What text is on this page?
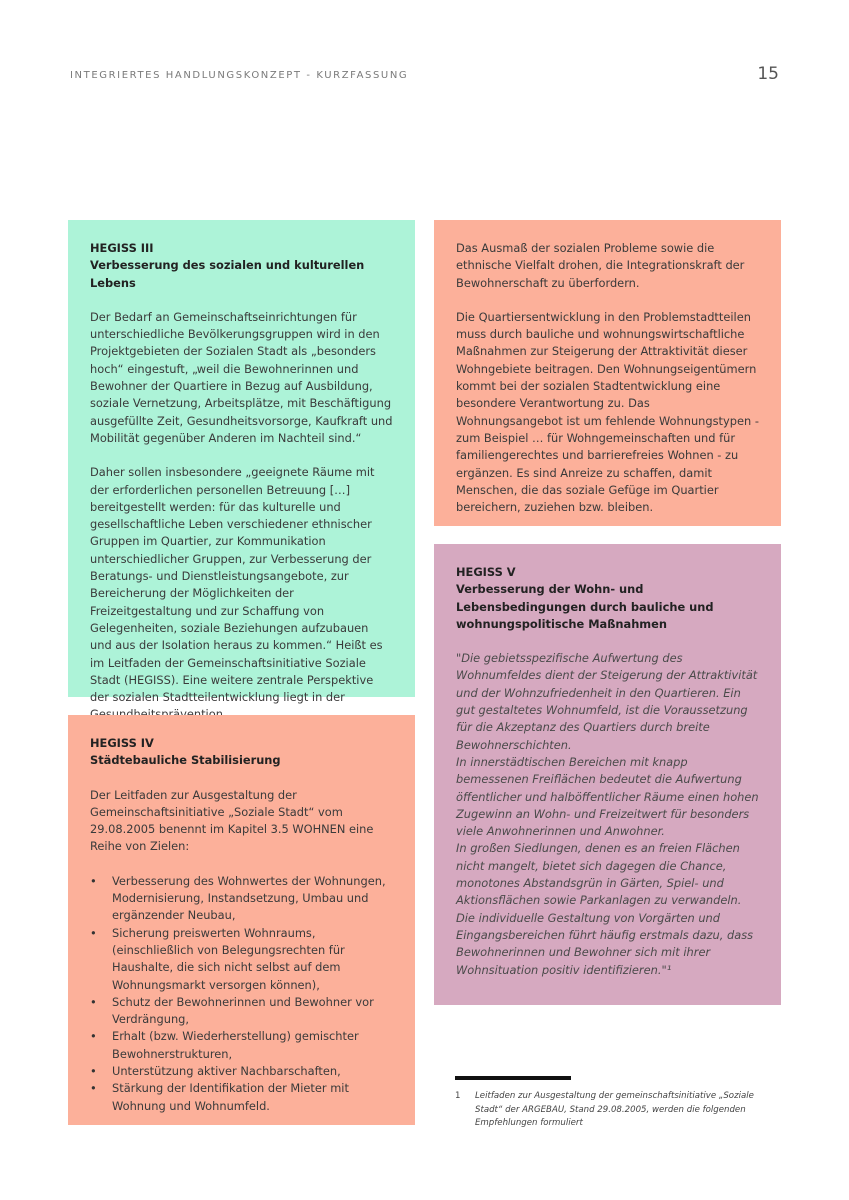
INTEGRIERTES HANDLUNGSKONZEPT - KURZFASSUNG	15

HEGISS III

Verbesserung des sozialen und kulturellen Lebens

Der Bedarf an Gemeinschaftseinrichtungen für unterschiedliche Bevölkerungsgruppen wird in den Projektgebieten der Sozialen Stadt als „besonders hoch“ eingestuft, „weil die Bewohnerinnen und Bewohner der Quartiere in Bezug auf Ausbildung, soziale Vernetzung, Arbeitsplätze, mit Beschäftigung ausgefüllte Zeit, Gesundheitsvorsorge, Kaufkraft und Mobilität gegenüber Anderen im Nachteil sind.“

Daher sollen insbesondere „geeignete Räume mit der erforderlichen personellen Betreuung […] bereitgestellt werden: für das kulturelle und gesellschaftliche Leben verschiedener ethnischer Gruppen im Quartier, zur Kommunikation unterschiedlicher Gruppen, zur Verbesserung der Beratungs- und Dienstleistungsangebote, zur Bereicherung der Möglichkeiten der Freizeitgestaltung und zur Schaffung von Gelegenheiten, soziale Beziehungen aufzubauen und aus der Isolation heraus zu kommen.“ Heißt es im Leitfaden der Gemeinschaftsinitiative Soziale Stadt (HEGISS). Eine weitere zentrale Perspektive der sozialen Stadtteilentwicklung liegt in der

HEGISS IV

Städtebauliche Stabilisierung

Der Leitfaden zur Ausgestaltung der Gemeinschaftsinitiative „Soziale Stadt“ vom 29.08.2005 benennt im Kapitel 3.5 WOHNEN eine Reihe von Zielen:

• Verbesserung des Wohnwertes der Wohnungen, Modernisierung, Instandsetzung, Umbau und ergänzender Neubau,
• Sicherung preiswerten Wohnraums, (einschließlich von Belegungsrechten für Haushalte, die sich nicht selbst auf dem Wohnungsmarkt versorgen können),
• Schutz der Bewohnerinnen und Bewohner vor Verdrängung,
• Erhalt (bzw. Wiederherstellung) gemischter Bewohnerstrukturen,
• Unterstützung aktiver Nachbarschaften,
• Stärkung der Identifikation der Mieter mit Wohnung und Wohnumfeld.

Das Ausmaß der sozialen Probleme sowie die ethnische Vielfalt drohen, die Integrationskraft der Bewohnerschaft zu überfordern.

Die Quartiersentwicklung in den Problemstadtteilen muss durch bauliche und wohnungswirtschaftliche Maßnahmen zur Steigerung der Attraktivität dieser Wohngebiete beitragen. Den Wohnungseigentümern kommt bei der sozialen Stadtentwicklung eine besondere Verantwortung zu. Das Wohnungsangebot ist um fehlende Wohnungstypen - zum Beispiel … für Wohngemeinschaften und für familiengerechtes und barrierefreies Wohnen - zu ergänzen. Es sind Anreize zu schaffen, damit Menschen, die das soziale Gefüge im Quartier bereichern, zuziehen bzw. bleiben.

HEGISS V

Verbesserung der Wohn- und Lebensbedingungen durch bauliche und wohnungspolitische Maßnahmen

"Die gebietsspezifische Aufwertung des Wohnumfeldes dient der Steigerung der Attraktivität und der Wohnzufriedenheit in den Quartieren. Ein gut gestaltetes Wohnumfeld, ist die Voraussetzung für die Akzeptanz des Quartiers durch breite Bewohnerschichten.
In innerstädtischen Bereichen mit knapp bemessenen Freiflächen bedeutet die Aufwertung öffentlicher und halböffentlicher Räume einen hohen Zugewinn an Wohn- und Freizeitwert für besonders viele Anwohnerinnen und Anwohner.
In großen Siedlungen, denen es an freien Flächen nicht mangelt, bietet sich dagegen die Chance, monotones Abstandsgrün in Gärten, Spiel- und Aktionsflächen sowie Parkanlagen zu verwandeln.
Die individuelle Gestaltung von Vorgärten und Eingangsbereichen führt häufig erstmals dazu, dass Bewohnerinnen und Bewohner sich mit ihrer Wohnsituation positiv identifizieren."¹

1 Leitfaden zur Ausgestaltung der gemeinschaftsinitiative „Soziale Stadt“ der ARGEBAU, Stand 29.08.2005, werden die folgenden Empfehlungen formuliert
